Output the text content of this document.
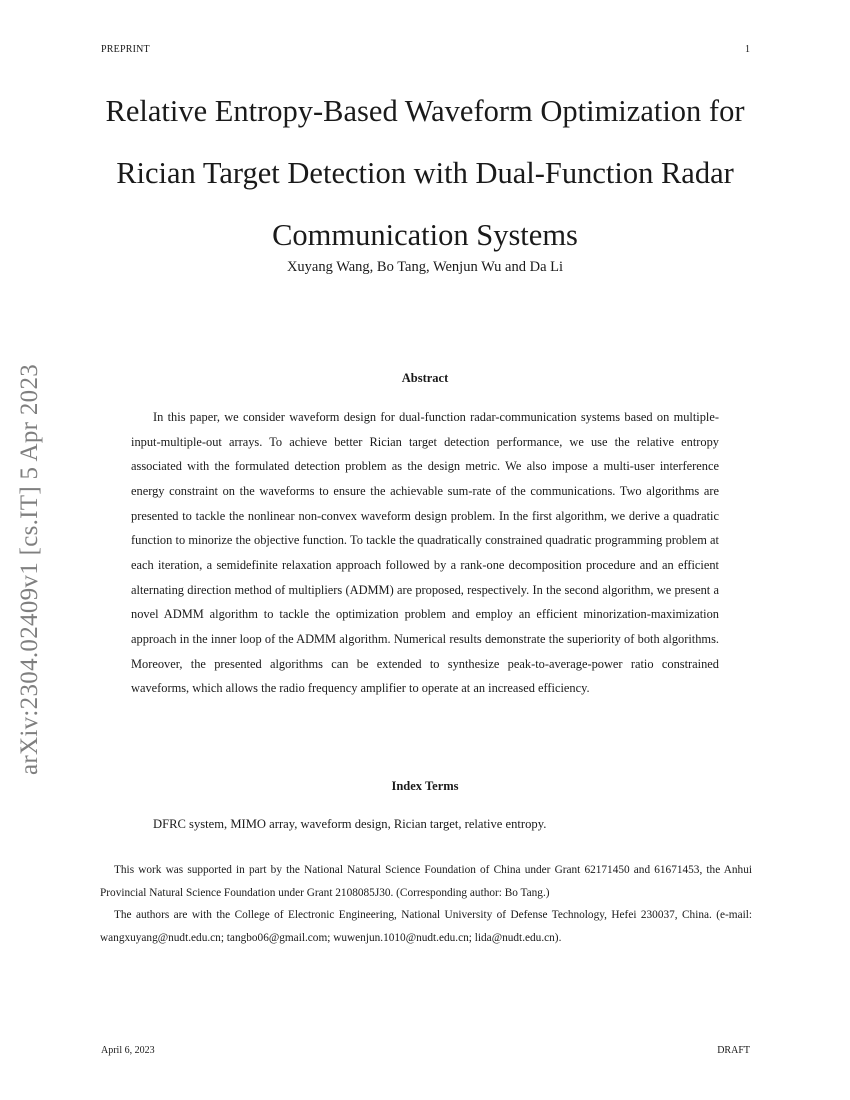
PREPRINT	1
arXiv:2304.02409v1 [cs.IT] 5 Apr 2023
Relative Entropy-Based Waveform Optimization for Rician Target Detection with Dual-Function Radar Communication Systems
Xuyang Wang, Bo Tang, Wenjun Wu and Da Li
Abstract

In this paper, we consider waveform design for dual-function radar-communication systems based on multiple-input-multiple-out arrays. To achieve better Rician target detection performance, we use the relative entropy associated with the formulated detection problem as the design metric. We also impose a multi-user interference energy constraint on the waveforms to ensure the achievable sum-rate of the communications. Two algorithms are presented to tackle the nonlinear non-convex waveform design problem. In the first algorithm, we derive a quadratic function to minorize the objective function. To tackle the quadratically constrained quadratic programming problem at each iteration, a semidefinite relaxation approach followed by a rank-one decomposition procedure and an efficient alternating direction method of multipliers (ADMM) are proposed, respectively. In the second algorithm, we present a novel ADMM algorithm to tackle the optimization problem and employ an efficient minorization-maximization approach in the inner loop of the ADMM algorithm. Numerical results demonstrate the superiority of both algorithms. Moreover, the presented algorithms can be extended to synthesize peak-to-average-power ratio constrained waveforms, which allows the radio frequency amplifier to operate at an increased efficiency.

Index Terms
DFRC system, MIMO array, waveform design, Rician target, relative entropy.

This work was supported in part by the National Natural Science Foundation of China under Grant 62171450 and 61671453, the Anhui Provincial Natural Science Foundation under Grant 2108085J30. (Corresponding author: Bo Tang.)

The authors are with the College of Electronic Engineering, National University of Defense Technology, Hefei 230037, China. (e-mail: wangxuyang@nudt.edu.cn; tangbo06@gmail.com; wuwenjun.1010@nudt.edu.cn; lida@nudt.edu.cn).

April 6, 2023	DRAFT
